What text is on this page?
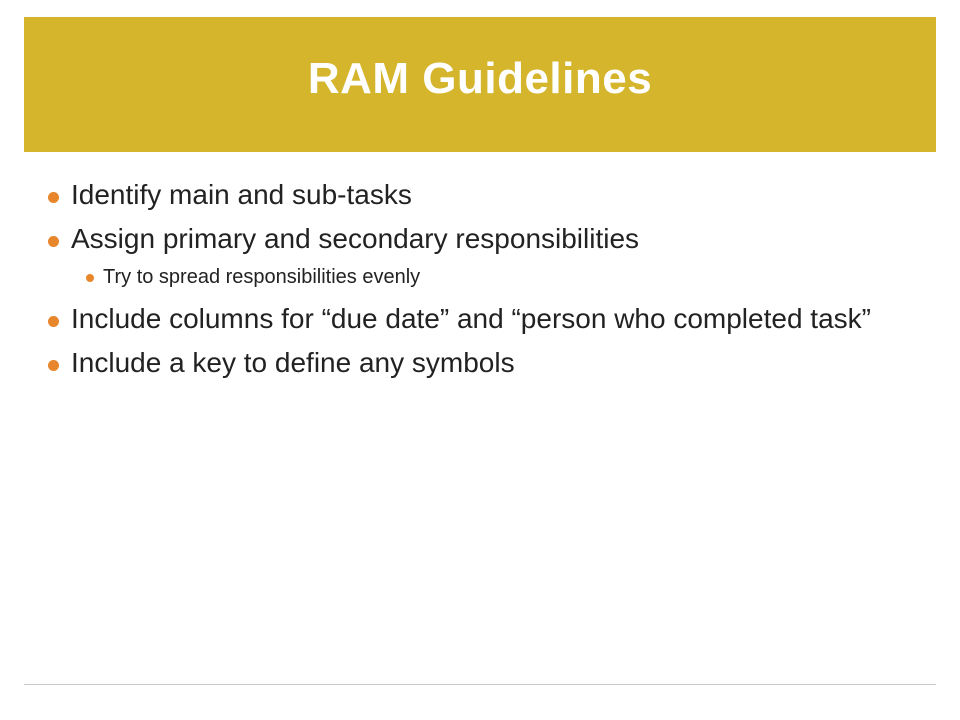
RAM Guidelines
Identify main and sub-tasks
Assign primary and secondary responsibilities
Try to spread responsibilities evenly
Include columns for “due date” and “person who completed task”
Include a key to define any symbols
